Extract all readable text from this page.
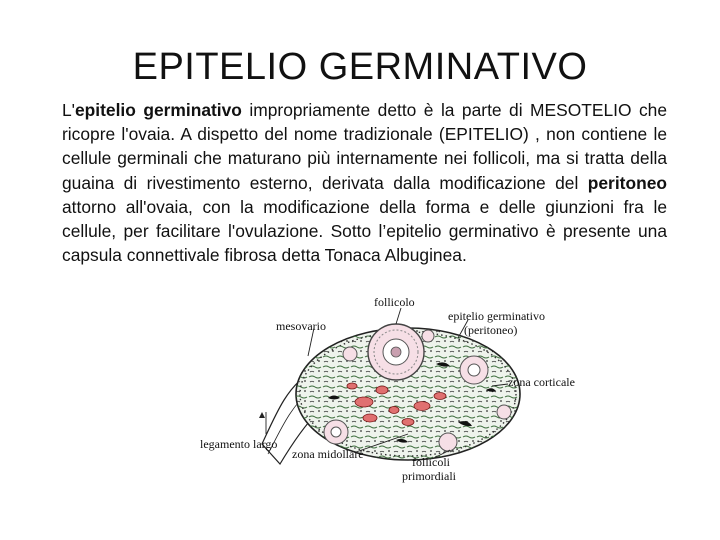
EPITELIO GERMINATIVO
L'epitelio germinativo impropriamente detto è la parte di MESOTELIO che ricopre l'ovaia. A dispetto del nome tradizionale (EPITELIO) , non contiene le cellule germinali che maturano più internamente nei follicoli, ma si tratta della guaina di rivestimento esterno, derivata dalla modificazione del peritoneo attorno all'ovaia, con la modificazione della forma e delle giunzioni fra le cellule, per facilitare l'ovulazione. Sotto l’epitelio germinativo è presente una capsula connettivale fibrosa detta Tonaca Albuginea.
follicolo
epitelio germinativo
(peritoneo)
mesovario
zona corticale
legamento largo
zona midollare
follicoli
primordiali
